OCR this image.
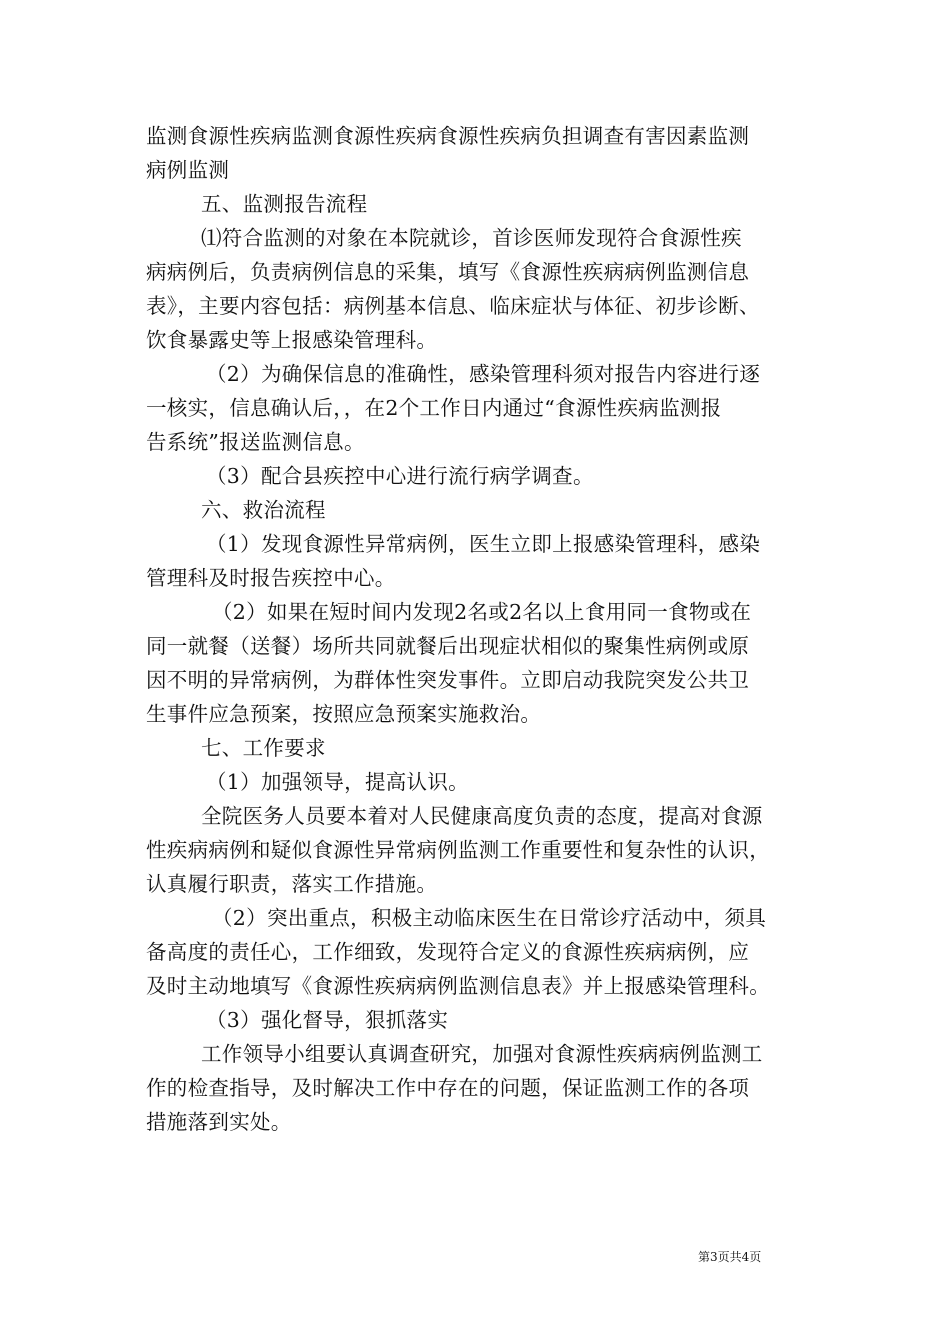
监测食源性疾病监测食源性疾病食源性疾病负担调查有害因素监测
病例监测
五、监测报告流程
⑴符合监测的对象在本院就诊，首诊医师发现符合食源性疾
病病例后，负责病例信息的采集，填写《食源性疾病病例监测信息
表》，主要内容包括：病例基本信息、临床症状与体征、初步诊断、
饮食暴露史等上报感染管理科。
（2）为确保信息的准确性，感染管理科须对报告内容进行逐
一核实，信息确认后，，在2个工作日内通过“食源性疾病监测报
告系统”报送监测信息。
（3）配合县疾控中心进行流行病学调查。
六、救治流程
（1）发现食源性异常病例，医生立即上报感染管理科，感染
管理科及时报告疾控中心。
（2）如果在短时间内发现2名或2名以上食用同一食物或在
同一就餐（送餐）场所共同就餐后出现症状相似的聚集性病例或原
因不明的异常病例，为群体性突发事件。立即启动我院突发公共卫
生事件应急预案，按照应急预案实施救治。
七、工作要求
（1）加强领导，提高认识。
全院医务人员要本着对人民健康高度负责的态度，提高对食源
性疾病病例和疑似食源性异常病例监测工作重要性和复杂性的认识，
认真履行职责，落实工作措施。
（2）突出重点，积极主动临床医生在日常诊疗活动中，须具
备高度的责任心，工作细致，发现符合定义的食源性疾病病例，应
及时主动地填写《食源性疾病病例监测信息表》并上报感染管理科。
（3）强化督导，狠抓落实
工作领导小组要认真调查研究，加强对食源性疾病病例监测工
作的检查指导，及时解决工作中存在的问题，保证监测工作的各项
措施落到实处。
第3页共4页
